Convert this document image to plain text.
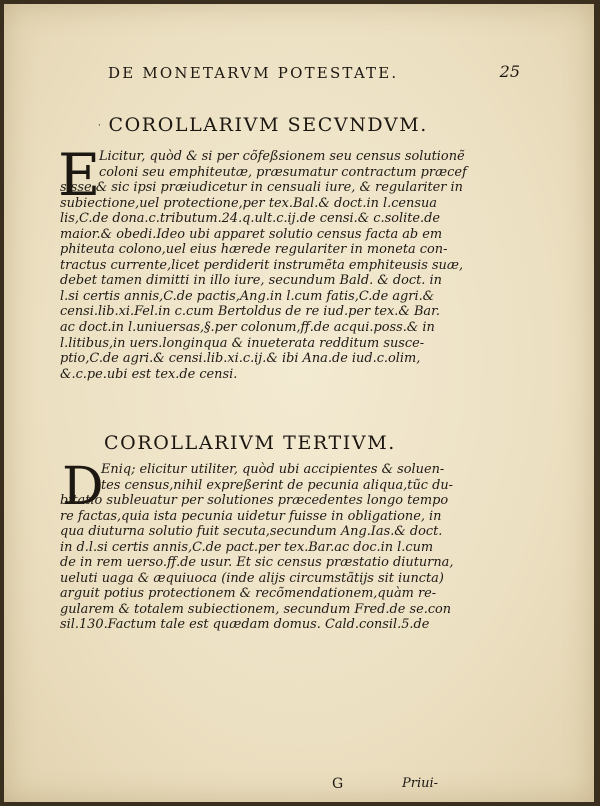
DE MONETARVM POTESTATE.	25
· COROLLARIVM SECVNDVM.
E
Licitur, quòd & si per cõfeßsionem seu census solutionẽ
coloni seu emphiteutæ, præsumatur contractum præcef
sisse,& sic ipsi præiudicetur in censuali iure, & regulariter in
subiectione,uel protectione,per tex.Bal.& doct.in l.censua
lis,C.de dona.c.tributum.24.q.ult.c.ij.de censi.& c.solite.de
maior.& obedi.Ideo ubi apparet solutio census facta ab em
phiteuta colono,uel eius hærede regulariter in moneta con-
tractus currente,licet perdiderit instrumẽta emphiteusis suæ,
debet tamen dimitti in illo iure, secundum Bald. & doct. in
l.si certis annis,C.de pactis,Ang.in l.cum fatis,C.de agri.&
censi.lib.xi.Fel.in c.cum Bertoldus de re iud.per tex.& Bar.
ac doct.in l.uniuersas,§.per colonum,ff.de acqui.poss.& in
l.litibus,in uers.longinqua & inueterata redditum susce-
ptio,C.de agri.& censi.lib.xi.c.ij.& ibi Ana.de iud.c.olim,
&.c.pe.ubi est tex.de censi.
COROLLARIVM TERTIVM.
D
Eniq; elicitur utiliter, quòd ubi accipientes & soluen-
tes census,nihil expreßerint de pecunia aliqua,tũc du-
bitatio subleuatur per solutiones præcedentes longo tempo
re factas,quia ista pecunia uidetur fuisse in obligatione, in
qua diuturna solutio fuit secuta,secundum Ang.Ias.& doct.
in d.l.si certis annis,C.de pact.per tex.Bar.ac doc.in l.cum
de in rem uerso.ff.de usur. Et sic census præstatio diuturna,
ueluti uaga & æquiuoca (inde alijs circumstãtijs sit iuncta)
arguit potius protectionem & recõmendationem,quàm re-
gularem & totalem subiectionem, secundum Fred.de se.con
sil.130.Factum tale est quædam domus. Cald.consil.5.de
G	Priui-
